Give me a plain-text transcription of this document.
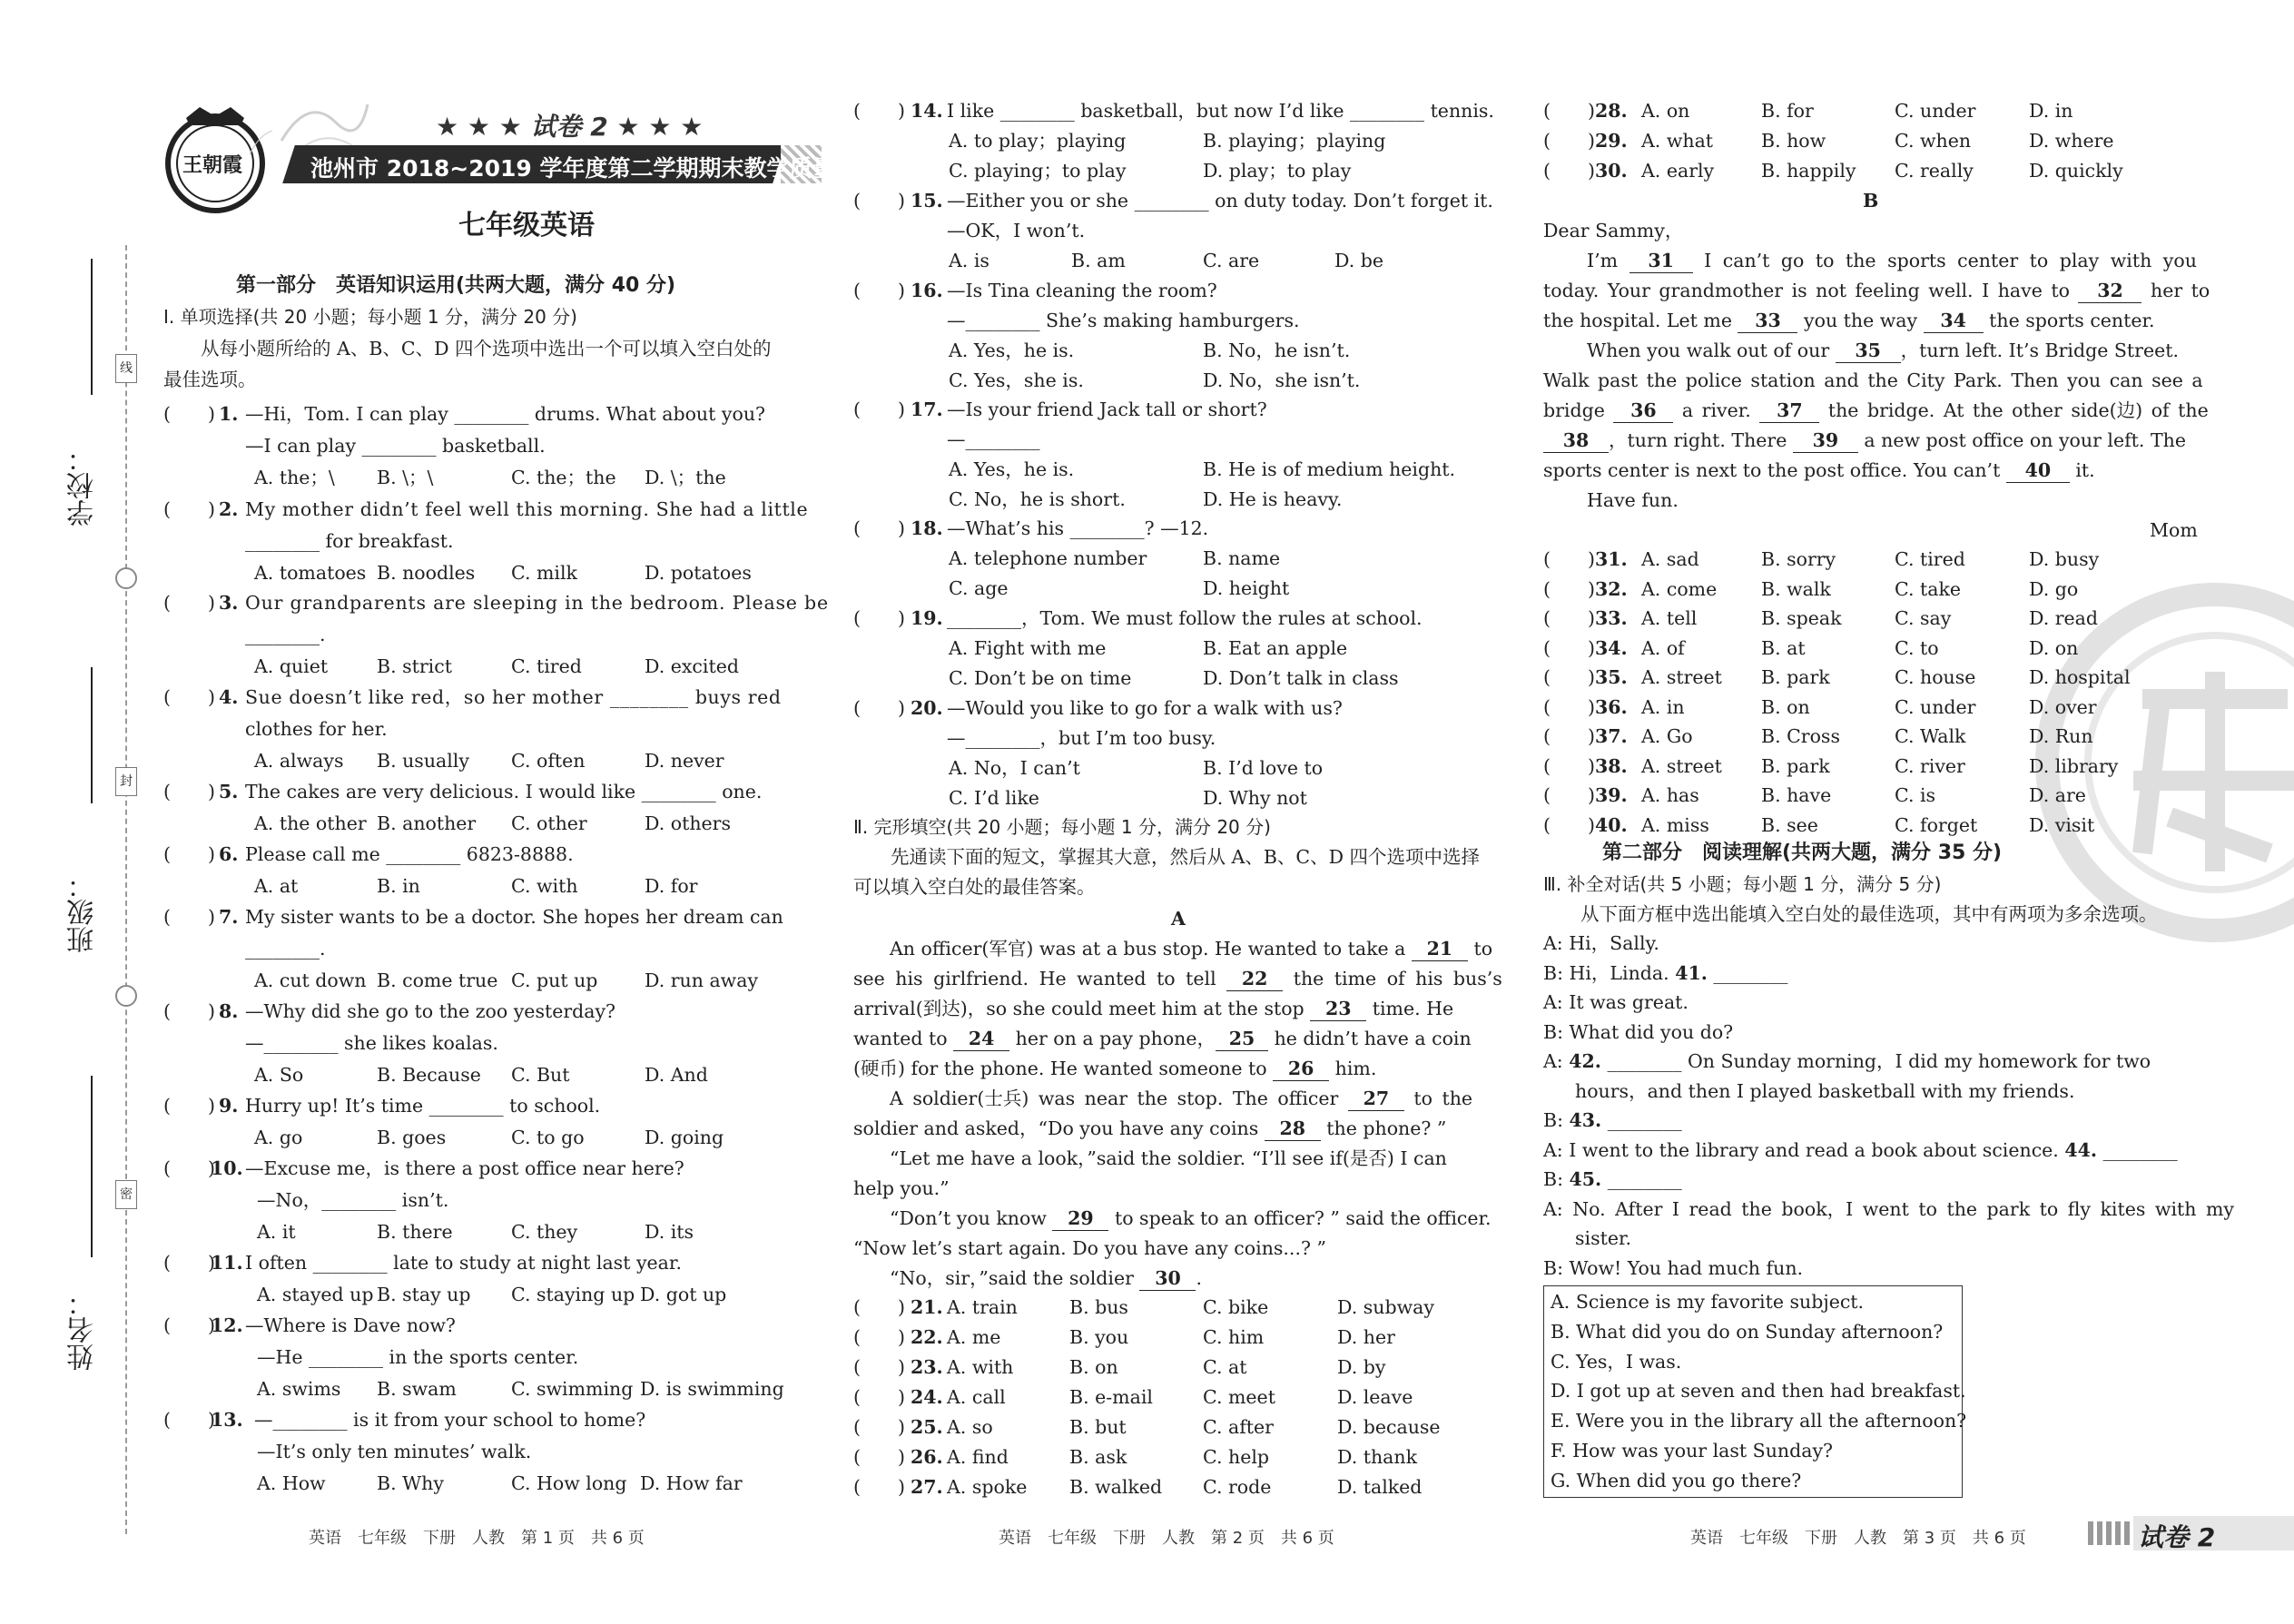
学校：
班级：
姓名：
线
封
密
王朝霞
★ ★ ★ 试卷 2 ★ ★ ★
池州市 2018~2019 学年度第二学期期末教学质量检测试题
七年级英语
第一部分　英语知识运用(共两大题，满分 40 分)
Ⅰ. 单项选择(共 20 小题；每小题 1 分，满分 20 分)
　　从每小题所给的 A、B、C、D 四个选项中选出一个可以填入空白处的
最佳选项。
(　　) 1. —Hi，Tom. I can play ________ drums. What about you?
—I can play ________ basketball.
A. the；\ B. \；\	C. the；the D. \；the
(　　) 2. My mother didn’t feel well this morning. She had a little
________ for breakfast.
A. tomatoes B. noodles C. milk	D. potatoes
(　　) 3. Our grandparents are sleeping in the bedroom. Please be
________.
A. quiet	B. strict	C. tired	D. excited
(　　) 4. Sue doesn’t like red，so her mother ________ buys red
clothes for her.
A. always B. usually C. often	D. never
(　　) 5. The cakes are very delicious. I would like ________ one.
A. the other B. another C. other	D. others
(　　) 6. Please call me ________ 6823-8888.
A. at	B. in	C. with	D. for
(　　) 7. My sister wants to be a doctor. She hopes her dream can
________.
A. cut down B. come true C. put up	D. run away
(　　) 8. —Why did she go to the zoo yesterday?
—________ she likes koalas.
A. So	B. Because C. But	D. And
(　　) 9. Hurry up! It’s time ________ to school.
A. go	B. goes	C. to go	D. going
(　　)
10. —Excuse me，is there a post office near here?
—No，________ isn’t.
A. it	B. there	C. they	D. its
(　　)
11. I often ________ late to study at night last year.
A. stayed up B. stay up C. staying up D. got up
(　　)
12. —Where is Dave now?
—He ________ in the sports center.
A. swims B. swam	C. swimming D. is swimming
(　　)
13. —________ is it from your school to home?
—It’s only ten minutes’ walk.
A. How	B. Why	C. How long D. How far
英语　七年级　下册　人教　第 1 页　共 6 页
(　　) 14. I like ________ basketball，but now I’d like ________ tennis.
A. to play；playing	B. playing；playing
C. playing；to play	D. play；to play
(　　) 15. —Either you or she ________ on duty today. Don’t forget it.
—OK，I won’t.
A. is	B. am	C. are	D. be
(　　) 16. —Is Tina cleaning the room?
—________ She’s making hamburgers.
A. Yes，he is.	B. No，he isn’t.
C. Yes，she is.	D. No，she isn’t.
(　　) 17. —Is your friend Jack tall or short?
—________
A. Yes，he is.	B. He is of medium height.
C. No，he is short.	D. He is heavy.
(　　) 18. —What’s his ________? —12.
A. telephone number	B. name
C. age	D. height
(　　) 19. ________，Tom. We must follow the rules at school.
A. Fight with me	B. Eat an apple
C. Don’t be on time	D. Don’t talk in class
(　　) 20. —Would you like to go for a walk with us?
—________，but I’m too busy.
A. No，I can’t	B. I’d love to
C. I’d like	D. Why not
Ⅱ. 完形填空(共 20 小题；每小题 1 分，满分 20 分)
　　先通读下面的短文，掌握其大意，然后从 A、B、C、D 四个选项中选择
可以填入空白处的最佳答案。
A
An officer(军官) was at a bus stop. He wanted to take a 21 to
see his girlfriend. He wanted to tell 22 the time of his bus’s
arrival(到达)，so she could meet him at the stop 23 time. He
wanted to 24 her on a pay phone， 25 he didn’t have a coin
(硬币) for the phone. He wanted someone to 26 him.
A soldier(士兵) was near the stop. The officer 27 to the
soldier and asked，“Do you have any coins 28 the phone? ”
“Let me have a look，”said the soldier. “I’ll see if(是否) I can
help you.”
“Don’t you know 29 to speak to an officer? ” said the officer.
“Now let’s start again. Do you have any coins...? ”
“No，sir，”said the soldier 30 .
(　　) 21. A. train	B. bus	C. bike	D. subway
(　　) 22. A. me	B. you	C. him	D. her
(　　) 23. A. with	B. on	C. at	D. by
(　　) 24. A. call	B. e-mail	C. meet	D. leave
(　　) 25. A. so	B. but	C. after	D. because
(　　) 26. A. find	B. ask	C. help	D. thank
(　　) 27. A. spoke B. walked C. rode	D. talked
英语　七年级　下册　人教　第 2 页　共 6 页
(　　) 28. A. on	B. for	C. under	D. in
(　　) 29. A. what	B. how	C. when	D. where
(　　) 30. A. early	B. happily C. really	D. quickly
B
Dear Sammy，
I’m 31 I can’t go to the sports center to play with you
today. Your grandmother is not feeling well. I have to 32 her to
the hospital. Let me 33 you the way 34 the sports center.
When you walk out of our 35 ，turn left. It’s Bridge Street.
Walk past the police station and the City Park. Then you can see a
bridge 36 a river. 37 the bridge. At the other side(边) of the
38 ，turn right. There 39 a new post office on your left. The
sports center is next to the post office. You can’t 40 it.
Have fun.
Mom
(　　) 31. A. sad	B. sorry	C. tired	D. busy
(　　) 32. A. come B. walk	C. take	D. go
(　　) 33. A. tell	B. speak	C. say	D. read
(　　) 34. A. of	B. at	C. to	D. on
(　　) 35. A. street B. park	C. house	D. hospital
(　　) 36. A. in	B. on	C. under	D. over
(　　) 37. A. Go	B. Cross	C. Walk	D. Run
(　　) 38. A. street B. park	C. river	D. library
(　　) 39. A. has	B. have	C. is	D. are
(　　) 40. A. miss	B. see	C. forget	D. visit
第二部分　阅读理解(共两大题，满分 35 分)
Ⅲ. 补全对话(共 5 小题；每小题 1 分，满分 5 分)
　　从下面方框中选出能填入空白处的最佳选项，其中有两项为多余选项。
A: Hi，Sally.
B: Hi，Linda. 41. ________
A: It was great.
B: What did you do?
A: 42. ________ On Sunday morning，I did my homework for two
hours，and then I played basketball with my friends.
B: 43. ________
A: I went to the library and read a book about science. 44. ________
B: 45. ________
A: No. After I read the book，I went to the park to fly kites with my
sister.
B: Wow! You had much fun.
A. Science is my favorite subject.
B. What did you do on Sunday afternoon?
C. Yes，I was.
D. I got up at seven and then had breakfast.
E. Were you in the library all the afternoon?
F. How was your last Sunday?
G. When did you go there?
英语　七年级　下册　人教　第 3 页　共 6 页	试卷 2
